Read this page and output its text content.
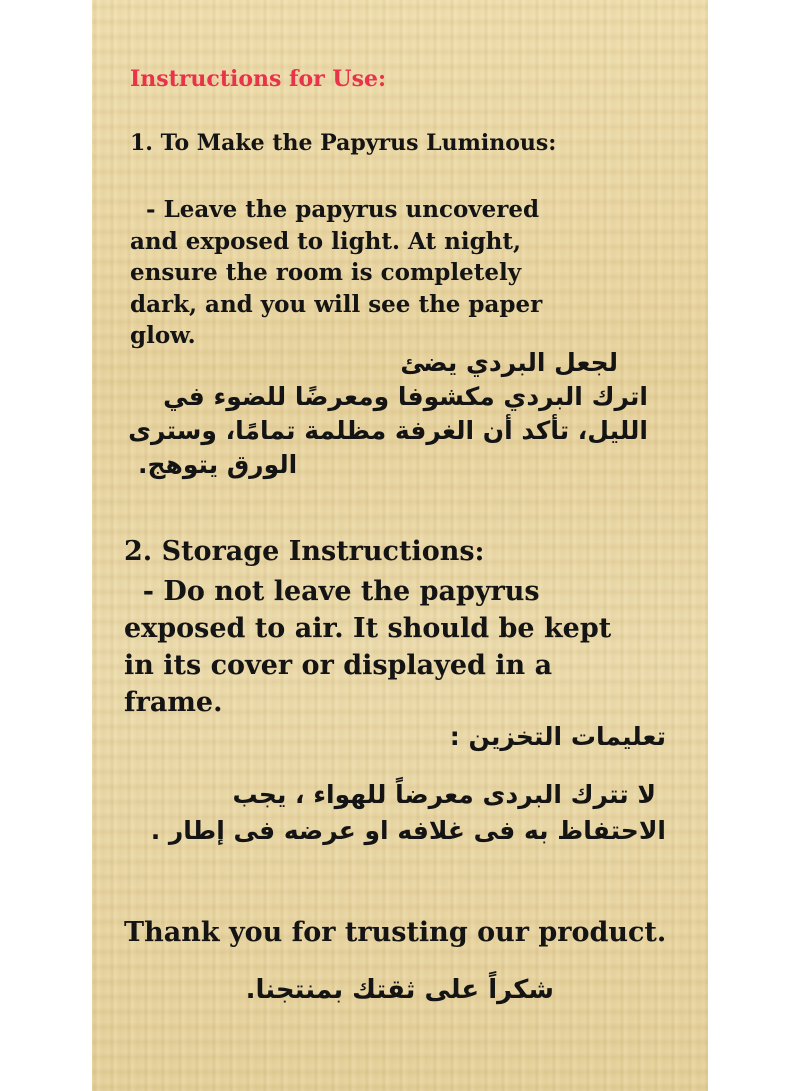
Instructions for Use:

1. To Make the Papyrus Luminous:

- Leave the papyrus uncovered
and exposed to light. At night,
ensure the room is completely
dark, and you will see the paper
glow.
لجعل البردي يضئ
اترك البردي مكشوفا ومعرضًا للضوء في
الليل، تأكد أن الغرفة مظلمة تمامًا، وسترى
.الورق يتوهج

2. Storage Instructions:

- Do not leave the papyrus
exposed to air. It should be kept
in its cover or displayed in a
frame.

تعليمات التخزين :

لا تترك البردى معرضاً للهواء ، يجب
الاحتفاظ به فى غلافه او عرضه فى إطار .

Thank you for trusting our product.

شكراً على ثقتك بمنتجنا.
